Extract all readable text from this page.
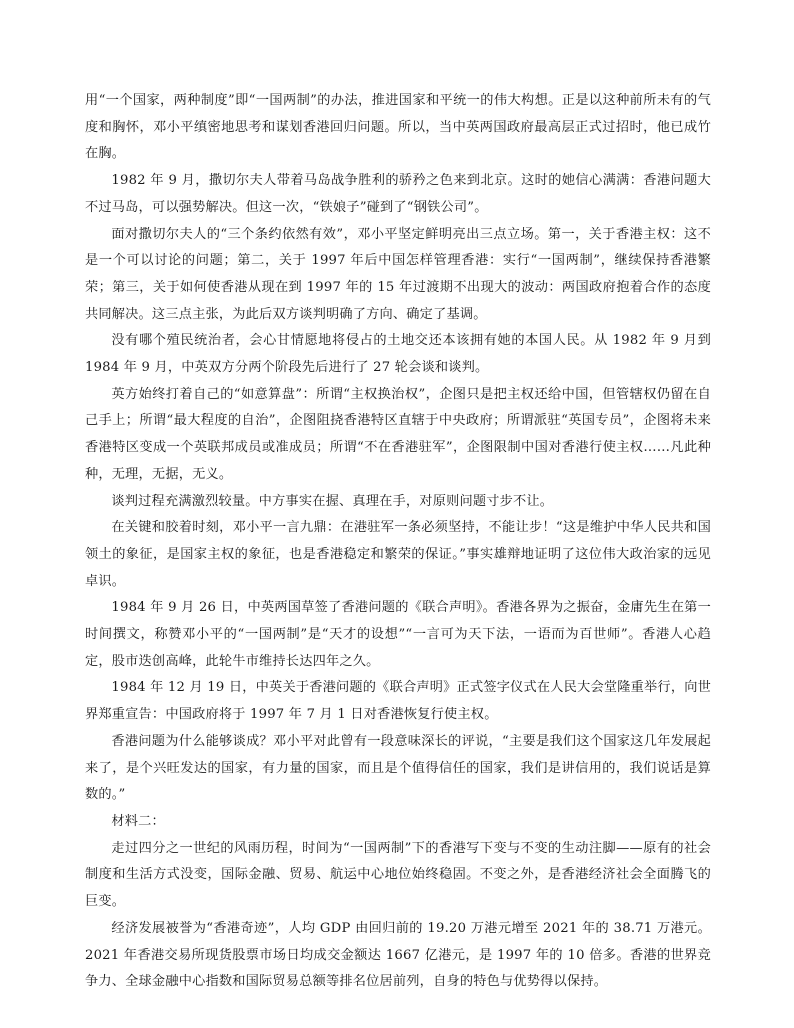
用“一个国家，两种制度”即“一国两制”的办法，推进国家和平统一的伟大构想。正是以这种前所未有的气度和胸怀，邓小平缜密地思考和谋划香港回归问题。所以，当中英两国政府最高层正式过招时，他已成竹在胸。

1982 年 9 月，撒切尔夫人带着马岛战争胜利的骄矜之色来到北京。这时的她信心满满：香港问题大不过马岛，可以强势解决。但这一次，“铁娘子”碰到了“钢铁公司”。

面对撒切尔夫人的“三个条约依然有效”，邓小平坚定鲜明亮出三点立场。第一，关于香港主权：这不是一个可以讨论的问题；第二，关于 1997 年后中国怎样管理香港：实行“一国两制”，继续保持香港繁荣；第三，关于如何使香港从现在到 1997 年的 15 年过渡期不出现大的波动：两国政府抱着合作的态度共同解决。这三点主张，为此后双方谈判明确了方向、确定了基调。

没有哪个殖民统治者，会心甘情愿地将侵占的土地交还本该拥有她的本国人民。从 1982 年 9 月到 1984 年 9 月，中英双方分两个阶段先后进行了 27 轮会谈和谈判。

英方始终打着自己的“如意算盘”：所谓“主权换治权”，企图只是把主权还给中国，但管辖权仍留在自己手上；所谓“最大程度的自治”，企图阻挠香港特区直辖于中央政府；所谓派驻“英国专员”，企图将未来香港特区变成一个英联邦成员或准成员；所谓“不在香港驻军”，企图限制中国对香港行使主权……凡此种种，无理，无据，无义。

谈判过程充满激烈较量。中方事实在握、真理在手，对原则问题寸步不让。

在关键和胶着时刻，邓小平一言九鼎：在港驻军一条必须坚持，不能让步！“这是维护中华人民共和国领土的象征，是国家主权的象征，也是香港稳定和繁荣的保证。”事实雄辩地证明了这位伟大政治家的远见卓识。

1984 年 9 月 26 日，中英两国草签了香港问题的《联合声明》。香港各界为之振奋，金庸先生在第一时间撰文，称赞邓小平的“一国两制”是“天才的设想”“一言可为天下法，一语而为百世师”。香港人心趋定，股市迭创高峰，此轮牛市维持长达四年之久。

1984 年 12 月 19 日，中英关于香港问题的《联合声明》正式签字仪式在人民大会堂隆重举行，向世界郑重宣告：中国政府将于 1997 年 7 月 1 日对香港恢复行使主权。

香港问题为什么能够谈成？邓小平对此曾有一段意味深长的评说，“主要是我们这个国家这几年发展起来了，是个兴旺发达的国家，有力量的国家，而且是个值得信任的国家，我们是讲信用的，我们说话是算数的。”

材料二：

走过四分之一世纪的风雨历程，时间为“一国两制”下的香港写下变与不变的生动注脚——原有的社会制度和生活方式没变，国际金融、贸易、航运中心地位始终稳固。不变之外，是香港经济社会全面腾飞的巨变。

经济发展被誉为“香港奇迹”，人均 GDP 由回归前的 19.20 万港元增至 2021 年的 38.71 万港元。2021 年香港交易所现货股票市场日均成交金额达 1667 亿港元，是 1997 年的 10 倍多。香港的世界竞争力、全球金融中心指数和国际贸易总额等排名位居前列，自身的特色与优势得以保持。
